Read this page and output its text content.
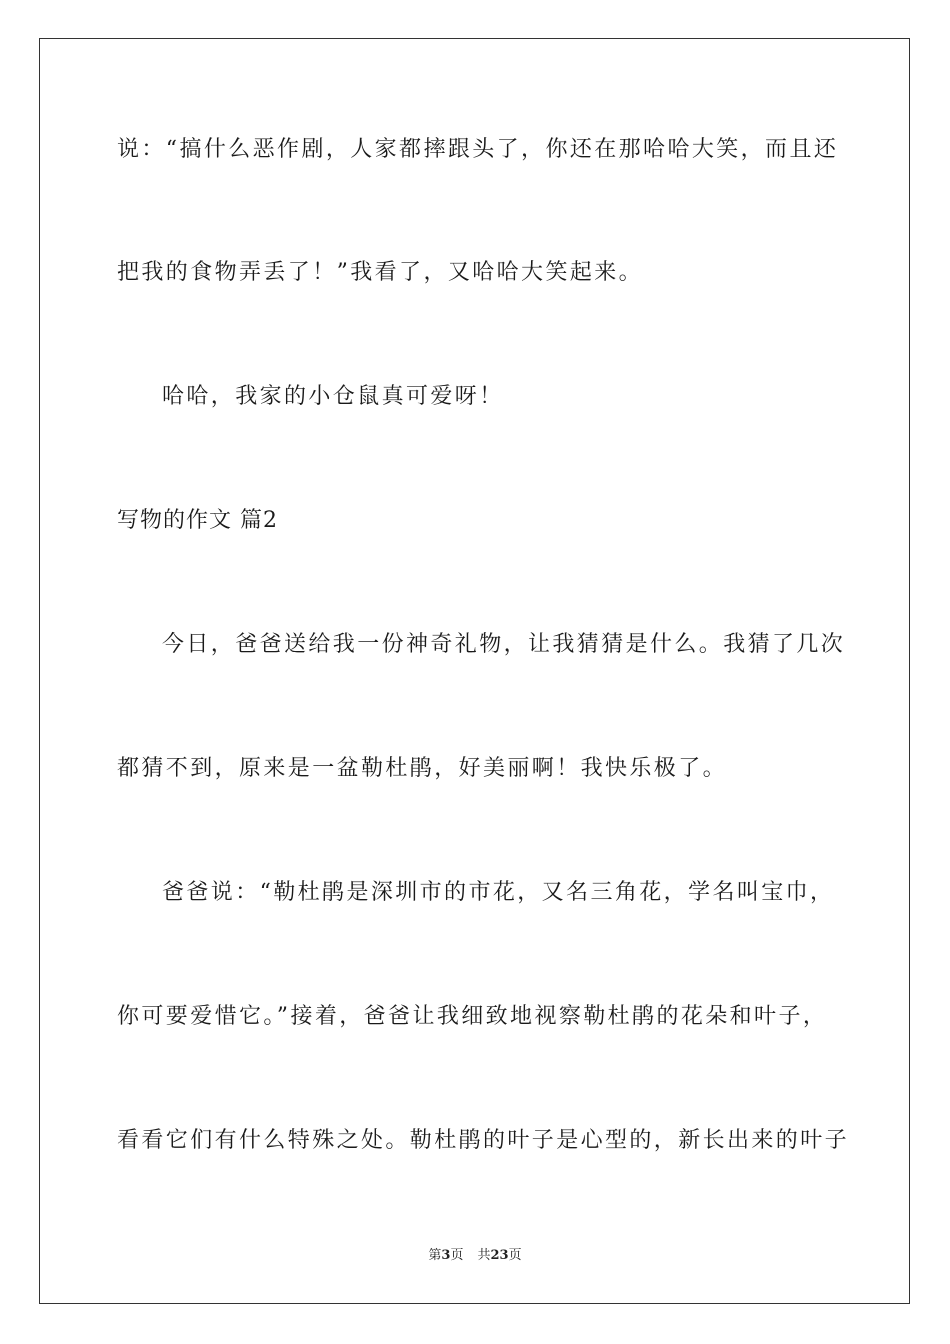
说：“搞什么恶作剧，人家都摔跟头了，你还在那哈哈大笑，而且还
把我的食物弄丢了！”我看了，又哈哈大笑起来。
哈哈，我家的小仓鼠真可爱呀！
写物的作文 篇2
今日，爸爸送给我一份神奇礼物，让我猜猜是什么。我猜了几次
都猜不到，原来是一盆勒杜鹃，好美丽啊！我快乐极了。
爸爸说：“勒杜鹃是深圳市的市花，又名三角花，学名叫宝巾，
你可要爱惜它。”接着，爸爸让我细致地视察勒杜鹃的花朵和叶子，
看看它们有什么特殊之处。勒杜鹃的叶子是心型的，新长出来的叶子
第3页 共23页
